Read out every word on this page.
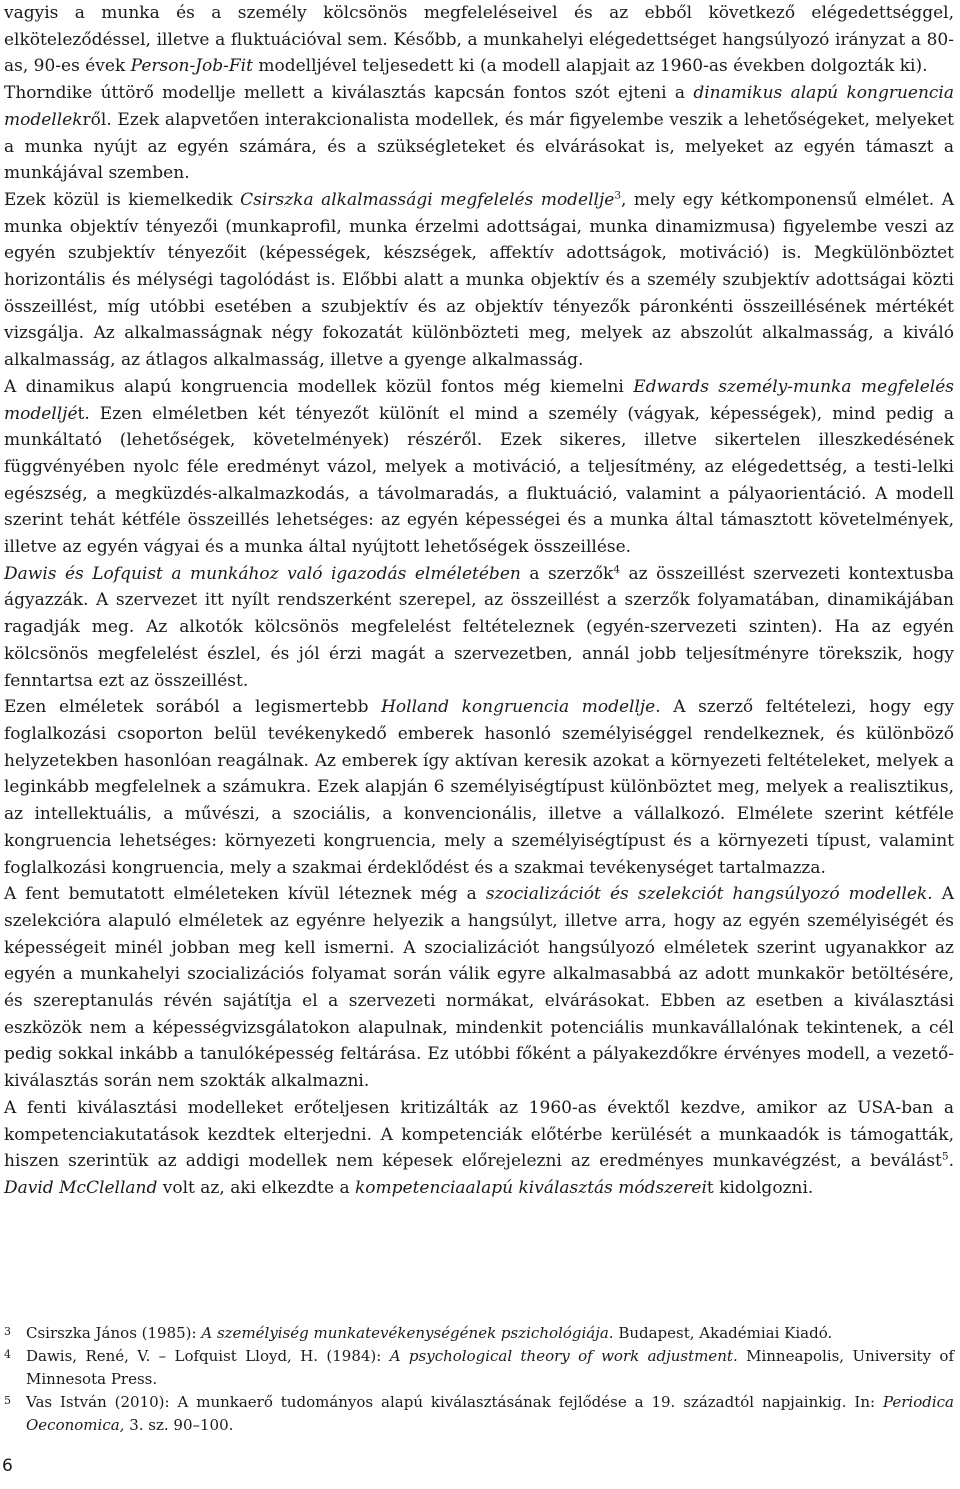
vagyis a munka és a személy kölcsönös megfeleléseivel és az ebből következő elégedettséggel, elköteleződéssel, illetve a fluktuációval sem. Később, a munkahelyi elégedettséget hangsúlyozó irányzat a 80-as, 90-es évek Person-Job-Fit modelljével teljesedett ki (a modell alapjait az 1960-as években dolgozták ki).

Thorndike úttörő modellje mellett a kiválasztás kapcsán fontos szót ejteni a dinamikus alapú kongruencia modellekről. Ezek alapvetően interakcionalista modellek, és már figyelembe veszik a lehetőségeket, melyeket a munka nyújt az egyén számára, és a szükségleteket és elvárásokat is, melyeket az egyén támaszt a munkájával szemben.

Ezek közül is kiemelkedik Csirszka alkalmassági megfelelés modellje$^3$, mely egy kétkomponensű elmélet. A munka objektív tényezői (munkaprofil, munka érzelmi adottságai, munka dinamizmusa) figyelembe veszi az egyén szubjektív tényezőit (képességek, készségek, affektív adottságok, motiváció) is. Megkülönböztet horizontális és mélységi tagolódást is. Előbbi alatt a munka objektív és a személy szubjektív adottságai közti összeillést, míg utóbbi esetében a szubjektív és az objektív tényezők páronkénti összeillésének mértékét vizsgálja. Az alkalmasságnak négy fokozatát különbözteti meg, melyek az abszolút alkalmasság, a kiváló alkalmasság, az átlagos alkalmasság, illetve a gyenge alkalmasság.

A dinamikus alapú kongruencia modellek közül fontos még kiemelni Edwards személy-munka megfelelés modelljét. Ezen elméletben két tényezőt különít el mind a személy (vágyak, képességek), mind pedig a munkáltató (lehetőségek, követelmények) részéről. Ezek sikeres, illetve sikertelen illeszkedésének függvényében nyolc féle eredményt vázol, melyek a motiváció, a teljesítmény, az elégedettség, a testi-lelki egészség, a megküzdés-alkalmazkodás, a távolmaradás, a fluktuáció, valamint a pályaorientáció. A modell szerint tehát kétféle összeillés lehetséges: az egyén képességei és a munka által támasztott követelmények, illetve az egyén vágyai és a munka által nyújtott lehetőségek összeillése.

Dawis és Lofquist a munkához való igazodás elméletében a szerzők$^4$ az összeillést szervezeti kontextusba ágyazzák. A szervezet itt nyílt rendszerként szerepel, az összeillést a szerzők folyamatában, dinamikájában ragadják meg. Az alkotók kölcsönös megfelelést feltételeznek (egyén-szervezeti szinten). Ha az egyén kölcsönös megfelelést észlel, és jól érzi magát a szervezetben, annál jobb teljesítményre törekszik, hogy fenntartsa ezt az összeillést.

Ezen elméletek sorából a legismertebb Holland kongruencia modellje. A szerző feltételezi, hogy egy foglalkozási csoporton belül tevékenykedő emberek hasonló személyiséggel rendelkeznek, és különböző helyzetekben hasonlóan reagálnak. Az emberek így aktívan keresik azokat a környezeti feltételeket, melyek a leginkább megfelelnek a számukra. Ezek alapján 6 személyiségtípust különböztet meg, melyek a realisztikus, az intellektuális, a művészi, a szociális, a konvencionális, illetve a vállalkozó. Elmélete szerint kétféle kongruencia lehetséges: környezeti kongruencia, mely a személyiségtípust és a környezeti típust, valamint foglalkozási kongruencia, mely a szakmai érdeklődést és a szakmai tevékenységet tartalmazza.

A fent bemutatott elméleteken kívül léteznek még a szocializációt és szelekciót hangsúlyozó modellek. A szelekcióra alapuló elméletek az egyénre helyezik a hangsúlyt, illetve arra, hogy az egyén személyiségét és képességeit minél jobban meg kell ismerni. A szocializációt hangsúlyozó elméletek szerint ugyanakkor az egyén a munkahelyi szocializációs folyamat során válik egyre alkalmasabbá az adott munkakör betöltésére, és szereptanulás révén sajátítja el a szervezeti normákat, elvárásokat. Ebben az esetben a kiválasztási eszközök nem a képességvizsgálatokon alapulnak, mindenkit potenciális munkavállalónak tekintenek, a cél pedig sokkal inkább a tanulóképesség feltárása. Ez utóbbi főként a pályakezdőkre érvényes modell, a vezető-kiválasztás során nem szokták alkalmazni.

A fenti kiválasztási modelleket erőteljesen kritizálták az 1960-as évektől kezdve, amikor az USA-ban a kompetenciakutatások kezdtek elterjedni. A kompetenciák előtérbe kerülését a munkaadók is támogatták, hiszen szerintük az addigi modellek nem képesek előrejelezni az eredményes munkavégzést, a beválást$^5$. David McClelland volt az, aki elkezdte a kompetenciaalapú kiválasztás módszereit kidolgozni.

3	Csirszka János (1985): A személyiség munkatevékenységének pszichológiája. Budapest, Akadémiai Kiadó.
4	Dawis, René, V. – Lofquist Lloyd, H. (1984): A psychological theory of work adjustment. Minneapolis, University of Minnesota Press.
5	Vas István (2010): A munkaerő tudományos alapú kiválasztásának fejlődése a 19. századtól napjainkig. In: Periodica Oeconomica, 3. sz. 90–100.
6
